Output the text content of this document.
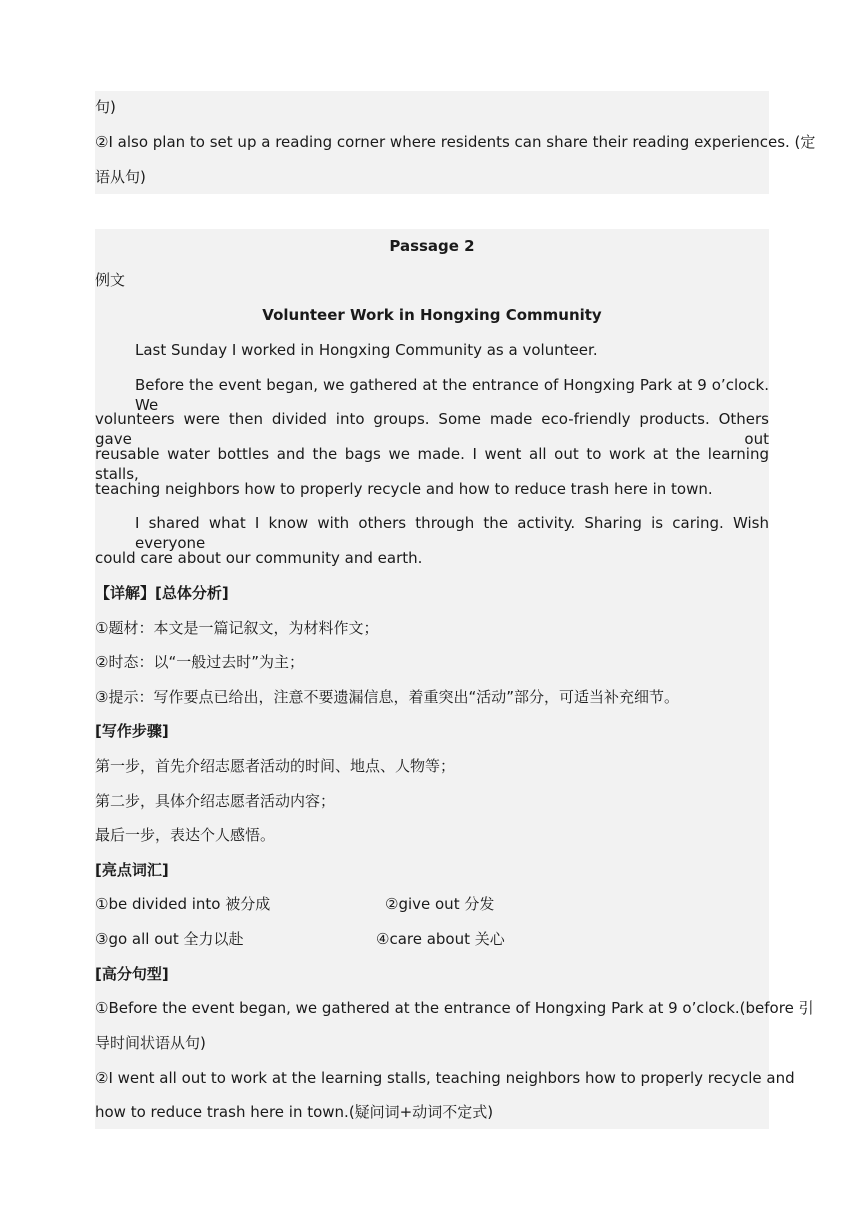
句)
②I also plan to set up a reading corner where residents can share their reading experiences. (定
语从句)
Passage 2
例文
Volunteer Work in Hongxing Community
Last Sunday I worked in Hongxing Community as a volunteer.
Before the event began, we gathered at the entrance of Hongxing Park at 9 o’clock. We
volunteers were then divided into groups. Some made eco-friendly products. Others gave out
reusable water bottles and the bags we made. I went all out to work at the learning stalls,
teaching neighbors how to properly recycle and how to reduce trash here in town.
I shared what I know with others through the activity. Sharing is caring. Wish everyone
could care about our community and earth.
【详解】[总体分析]
①题材：本文是一篇记叙文，为材料作文；
②时态：以“一般过去时”为主；
③提示：写作要点已给出，注意不要遗漏信息，着重突出“活动”部分，可适当补充细节。
[写作步骤]
第一步，首先介绍志愿者活动的时间、地点、人物等；
第二步，具体介绍志愿者活动内容；
最后一步，表达个人感悟。
[亮点词汇]
①be divided into 被分成	②give out 分发
③go all out 全力以赴	④care about 关心
[高分句型]
①Before the event began, we gathered at the entrance of Hongxing Park at 9 o’clock.(before 引
导时间状语从句)
②I went all out to work at the learning stalls, teaching neighbors how to properly recycle and
how to reduce trash here in town.(疑问词+动词不定式)
